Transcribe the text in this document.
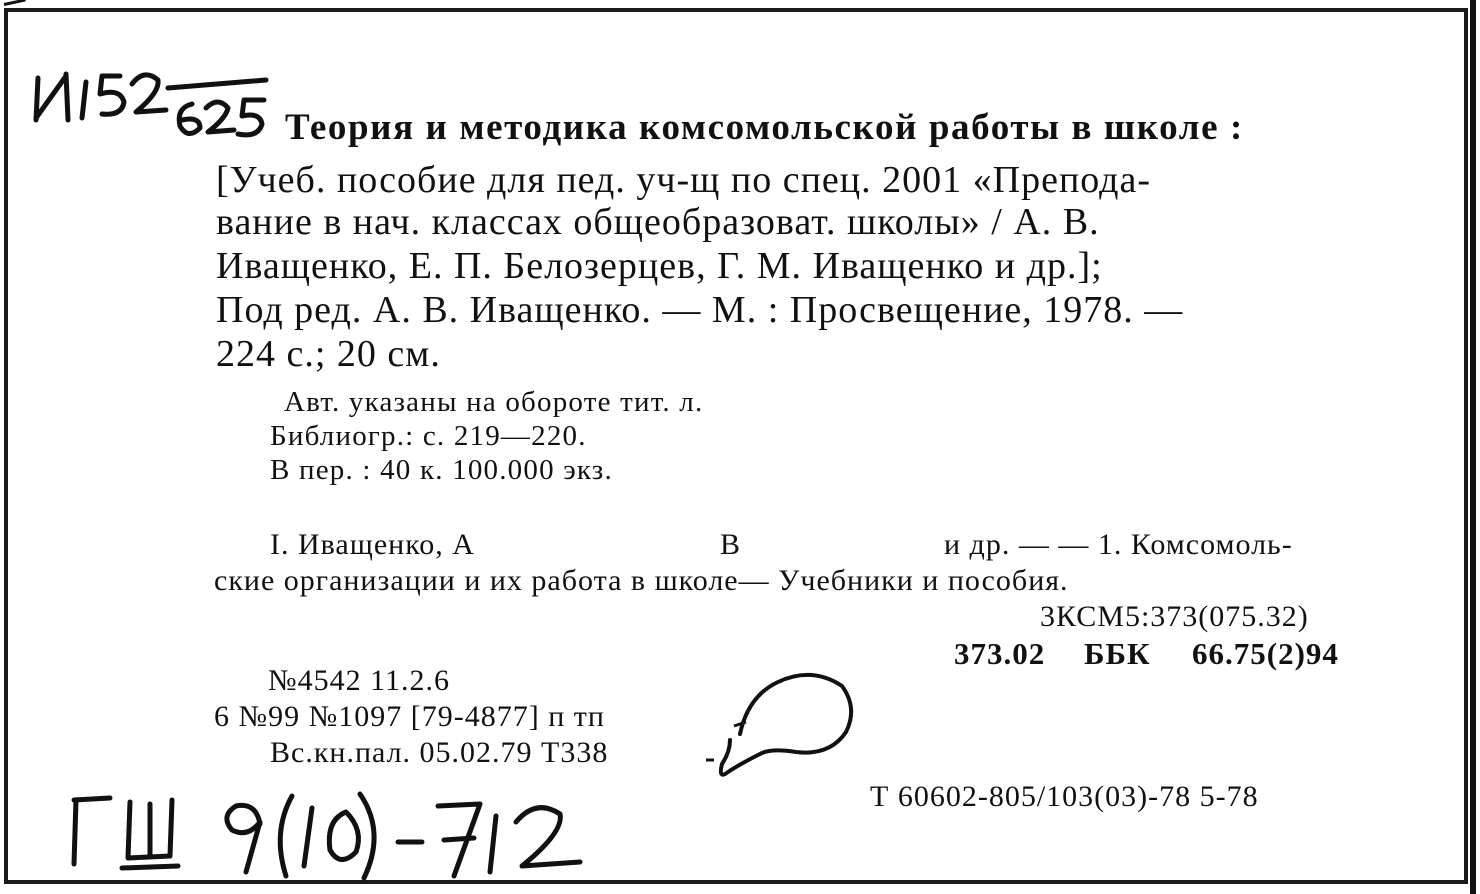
Теория и методика комсомольской работы в школе :
[Учеб. пособие для пед. уч-щ по спец. 2001 «Препода-
вание в нач. классах общеобразоват. школы» / А. В.
Иващенко, Е. П. Белозерцев, Г. М. Иващенко и др.];
Под ред. А. В. Иващенко. — М. : Просвещение, 1978. —
224 с.; 20 см.
Авт. указаны на обороте тит. л.
Библиогр.: с. 219—220.
В пер. : 40 к. 100.000 экз.
I. Иващенко, А	В	и др. — — 1. Комсомоль-
ские организации и их работа в школе— Учебники и пособия.
3КСМ5:373(075.32)
373.02 ББК 66.75(2)94
№4542 11.2.6
6 №99 №1097 [79-4877] п тп
Вс.кн.пал. 05.02.79 Т338
Т 60602-805/103(03)-78 5-78
